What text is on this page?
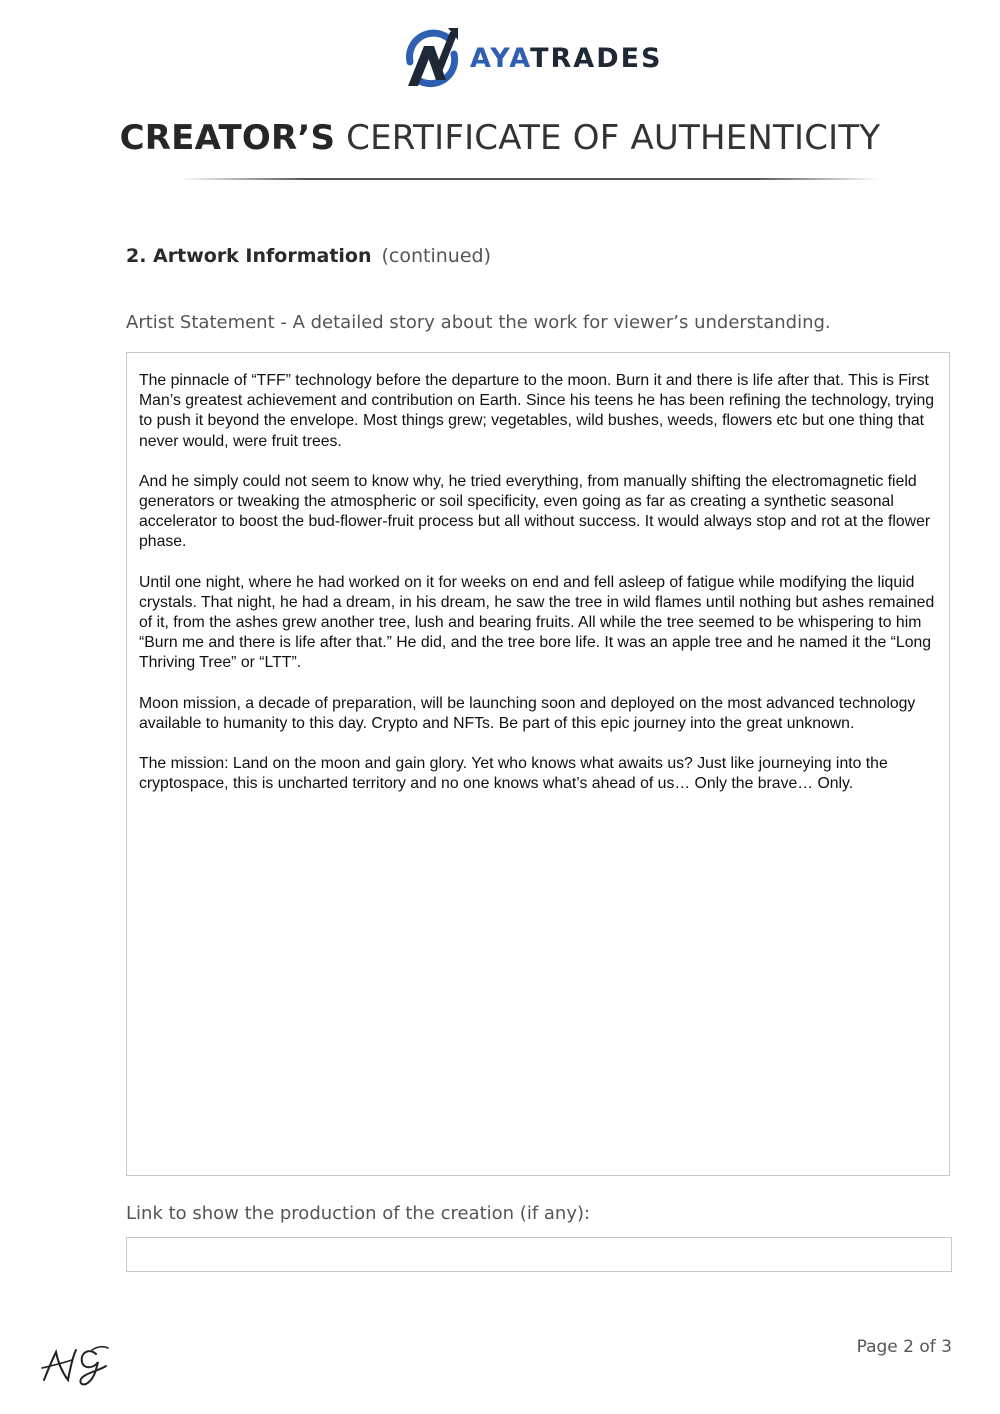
AYATRADES
CREATOR’S CERTIFICATE OF AUTHENTICITY
2. Artwork Information (continued)
Artist Statement - A detailed story about the work for viewer’s understanding.

The pinnacle of “TFF” technology before the departure to the moon. Burn it and there is life after that. This is First Man’s greatest achievement and contribution on Earth. Since his teens he has been refining the technology, trying to push it beyond the envelope. Most things grew; vegetables, wild bushes, weeds, flowers etc but one thing that never would, were fruit trees.

And he simply could not seem to know why, he tried everything, from manually shifting the electromagnetic field generators or tweaking the atmospheric or soil specificity, even going as far as creating a synthetic seasonal accelerator to boost the bud-flower-fruit process but all without success. It would always stop and rot at the flower phase.

Until one night, where he had worked on it for weeks on end and fell asleep of fatigue while modifying the liquid crystals. That night, he had a dream, in his dream, he saw the tree in wild flames until nothing but ashes remained of it, from the ashes grew another tree, lush and bearing fruits. All while the tree seemed to be whispering to him “Burn me and there is life after that.” He did, and the tree bore life. It was an apple tree and he named it the “Long Thriving Tree” or “LTT”.

Moon mission, a decade of preparation, will be launching soon and deployed on the most advanced technology available to humanity to this day. Crypto and NFTs. Be part of this epic journey into the great unknown.

The mission: Land on the moon and gain glory. Yet who knows what awaits us? Just like journeying into the cryptospace, this is uncharted territory and no one knows what’s ahead of us… Only the brave… Only.

Link to show the production of the creation (if any):
Page 2 of 3
